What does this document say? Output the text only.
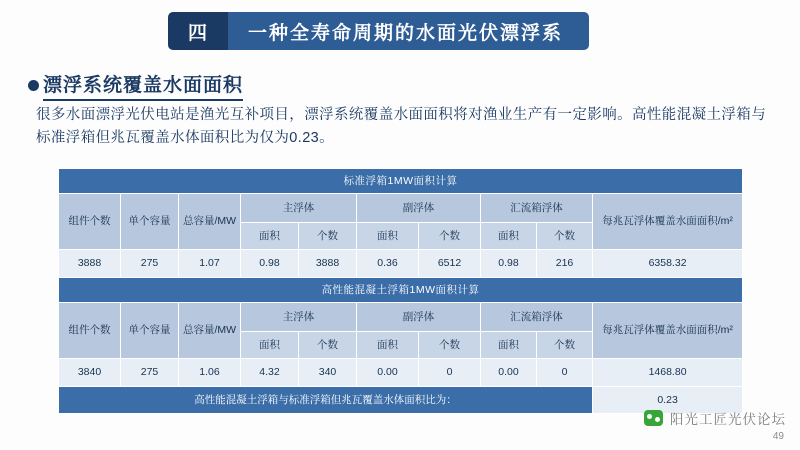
四	一种全寿命周期的水面光伏漂浮系
漂浮系统覆盖水面面积
很多水面漂浮光伏电站是渔光互补项目，漂浮系统覆盖水面面积将对渔业生产有一定影响。高性能混凝土浮箱与标准浮箱但兆瓦覆盖水体面积比为仅为0.23。
标准浮箱1MW面积计算									
组件个数	单个容量	总容量/MW	主浮体		副浮体		汇流箱浮体		每兆瓦浮体覆盖水面面积/m²
			面积	个数	面积	个数	面积	个数	
3888	275	1.07	0.98	3888	0.36	6512	0.98	216	6358.32
高性能混凝土浮箱1MW面积计算									
组件个数	单个容量	总容量/MW	主浮体		副浮体		汇流箱浮体		每兆瓦浮体覆盖水面面积/m²
			面积	个数	面积	个数	面积	个数	
3840	275	1.06	4.32	340	0.00	0	0.00	0	1468.80
高性能混凝土浮箱与标准浮箱但兆瓦覆盖水体面积比为：									0.23
阳光工匠光伏论坛
49
